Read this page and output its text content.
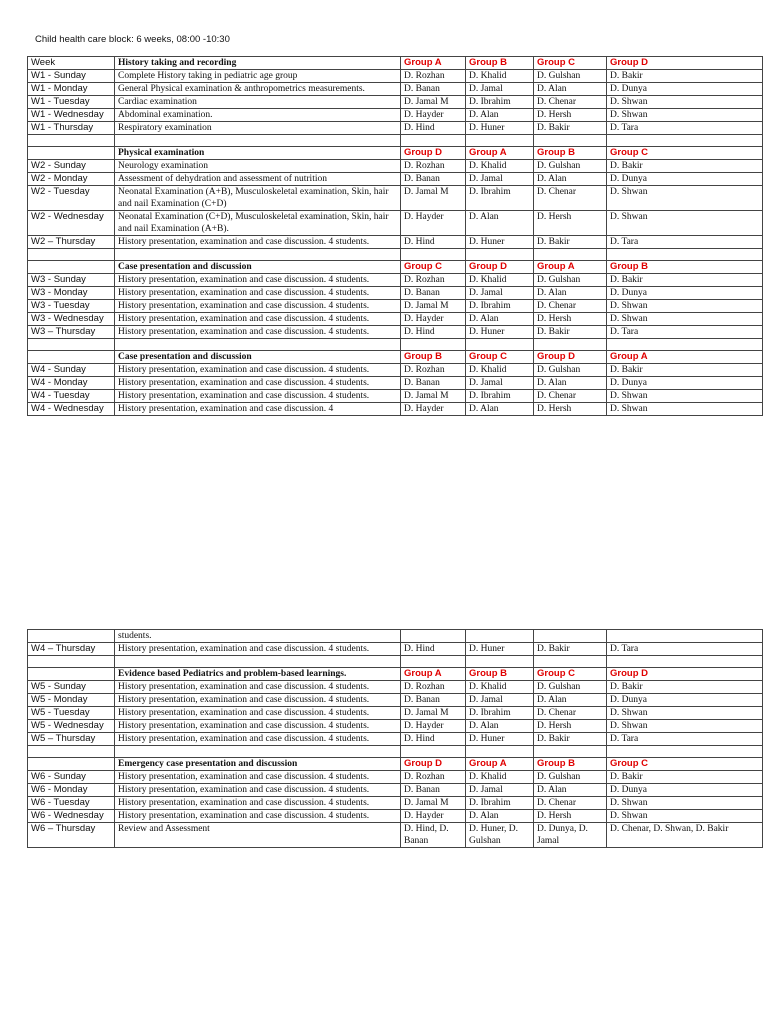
Child health care block: 6 weeks, 08:00 -10:30
Week	History taking and recording	Group A	Group B	Group C	Group D
W1 - Sunday	Complete History taking in pediatric age group	D. Rozhan	D. Khalid	D. Gulshan	D. Bakir
W1 - Monday	General Physical examination & anthropometrics measurements.	D. Banan	D. Jamal	D. Alan	D. Dunya
W1 - Tuesday	Cardiac examination	D. Jamal M	D. Ibrahim	D. Chenar	D. Shwan
W1 - Wednesday	Abdominal examination.	D. Hayder	D. Alan	D. Hersh	D. Shwan
W1 - Thursday	Respiratory examination	D. Hind	D. Huner	D. Bakir	D. Tara

	Physical examination	Group D	Group A	Group B	Group C
W2 - Sunday	Neurology examination	D. Rozhan	D. Khalid	D. Gulshan	D. Bakir
W2 - Monday	Assessment of dehydration and assessment of nutrition	D. Banan	D. Jamal	D. Alan	D. Dunya
W2 - Tuesday	Neonatal Examination (A+B), Musculoskeletal examination, Skin, hair and nail Examination (C+D)	D. Jamal M	D. Ibrahim	D. Chenar	D. Shwan
W2 - Wednesday	Neonatal Examination (C+D), Musculoskeletal examination, Skin, hair and nail Examination (A+B).	D. Hayder	D. Alan	D. Hersh	D. Shwan
W2 – Thursday	History presentation, examination and case discussion. 4 students.	D. Hind	D. Huner	D. Bakir	D. Tara

	Case presentation and discussion	Group C	Group D	Group A	Group B
W3 - Sunday	History presentation, examination and case discussion. 4 students.	D. Rozhan	D. Khalid	D. Gulshan	D. Bakir
W3 - Monday	History presentation, examination and case discussion. 4 students.	D. Banan	D. Jamal	D. Alan	D. Dunya
W3 - Tuesday	History presentation, examination and case discussion. 4 students.	D. Jamal M	D. Ibrahim	D. Chenar	D. Shwan
W3 - Wednesday	History presentation, examination and case discussion. 4 students.	D. Hayder	D. Alan	D. Hersh	D. Shwan
W3 – Thursday	History presentation, examination and case discussion. 4 students.	D. Hind	D. Huner	D. Bakir	D. Tara

	Case presentation and discussion	Group B	Group C	Group D	Group A
W4 - Sunday	History presentation, examination and case discussion. 4 students.	D. Rozhan	D. Khalid	D. Gulshan	D. Bakir
W4 - Monday	History presentation, examination and case discussion. 4 students.	D. Banan	D. Jamal	D. Alan	D. Dunya
W4 - Tuesday	History presentation, examination and case discussion. 4 students.	D. Jamal M	D. Ibrahim	D. Chenar	D. Shwan
W4 - Wednesday	History presentation, examination and case discussion. 4	D. Hayder	D. Alan	D. Hersh	D. Shwan
	students.				
W4 – Thursday	History presentation, examination and case discussion. 4 students.	D. Hind	D. Huner	D. Bakir	D. Tara

	Evidence based Pediatrics and problem-based learnings.	Group A	Group B	Group C	Group D
W5 - Sunday	History presentation, examination and case discussion. 4 students.	D. Rozhan	D. Khalid	D. Gulshan	D. Bakir
W5 - Monday	History presentation, examination and case discussion. 4 students.	D. Banan	D. Jamal	D. Alan	D. Dunya
W5 - Tuesday	History presentation, examination and case discussion. 4 students.	D. Jamal M	D. Ibrahim	D. Chenar	D. Shwan
W5 - Wednesday	History presentation, examination and case discussion. 4 students.	D. Hayder	D. Alan	D. Hersh	D. Shwan
W5 – Thursday	History presentation, examination and case discussion. 4 students.	D. Hind	D. Huner	D. Bakir	D. Tara

	Emergency case presentation and discussion	Group D	Group A	Group B	Group C
W6 - Sunday	History presentation, examination and case discussion. 4 students.	D. Rozhan	D. Khalid	D. Gulshan	D. Bakir
W6 - Monday	History presentation, examination and case discussion. 4 students.	D. Banan	D. Jamal	D. Alan	D. Dunya
W6 - Tuesday	History presentation, examination and case discussion. 4 students.	D. Jamal M	D. Ibrahim	D. Chenar	D. Shwan
W6 - Wednesday	History presentation, examination and case discussion. 4 students.	D. Hayder	D. Alan	D. Hersh	D. Shwan
W6 – Thursday	Review and Assessment	D. Hind, D. Banan	D. Huner, D. Gulshan	D. Dunya, D. Jamal	D. Chenar, D. Shwan, D. Bakir
